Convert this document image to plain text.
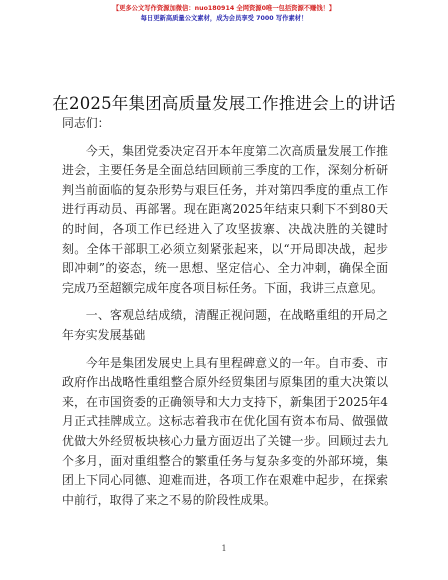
【更多公文写作资源加微信：nuo180914 全网资源0唯一包括资源不赚钱！】
每日更新高质量公文素材，成为会员享受 7000 写作素材！
在2025年集团高质量发展工作推进会上的讲话

同志们：

今天，集团党委决定召开本年度第二次高质量发展工作推进会，主要任务是全面总结回顾前三季度的工作，深刻分析研判当前面临的复杂形势与艰巨任务，并对第四季度的重点工作进行再动员、再部署。现在距离2025年结束只剩下不到80天的时间，各项工作已经进入了攻坚拔寨、决战决胜的关键时刻。全体干部职工必须立刻紧张起来，以“开局即决战，起步即冲刺”的姿态，统一思想、坚定信心、全力冲刺，确保全面完成乃至超额完成年度各项目标任务。下面，我讲三点意见。

一、客观总结成绩，清醒正视问题，在战略重组的开局之年夯实发展基础

今年是集团发展史上具有里程碑意义的一年。自市委、市政府作出战略性重组整合原外经贸集团与原集团的重大决策以来，在市国资委的正确领导和大力支持下，新集团于2025年4月正式挂牌成立。这标志着我市在优化国有资本布局、做强做优做大外经贸板块核心力量方面迈出了关键一步。回顾过去九个多月，面对重组整合的繁重任务与复杂多变的外部环境，集团上下同心同德、迎难而进，各项工作在艰难中起步，在探索中前行，取得了来之不易的阶段性成果。

1
